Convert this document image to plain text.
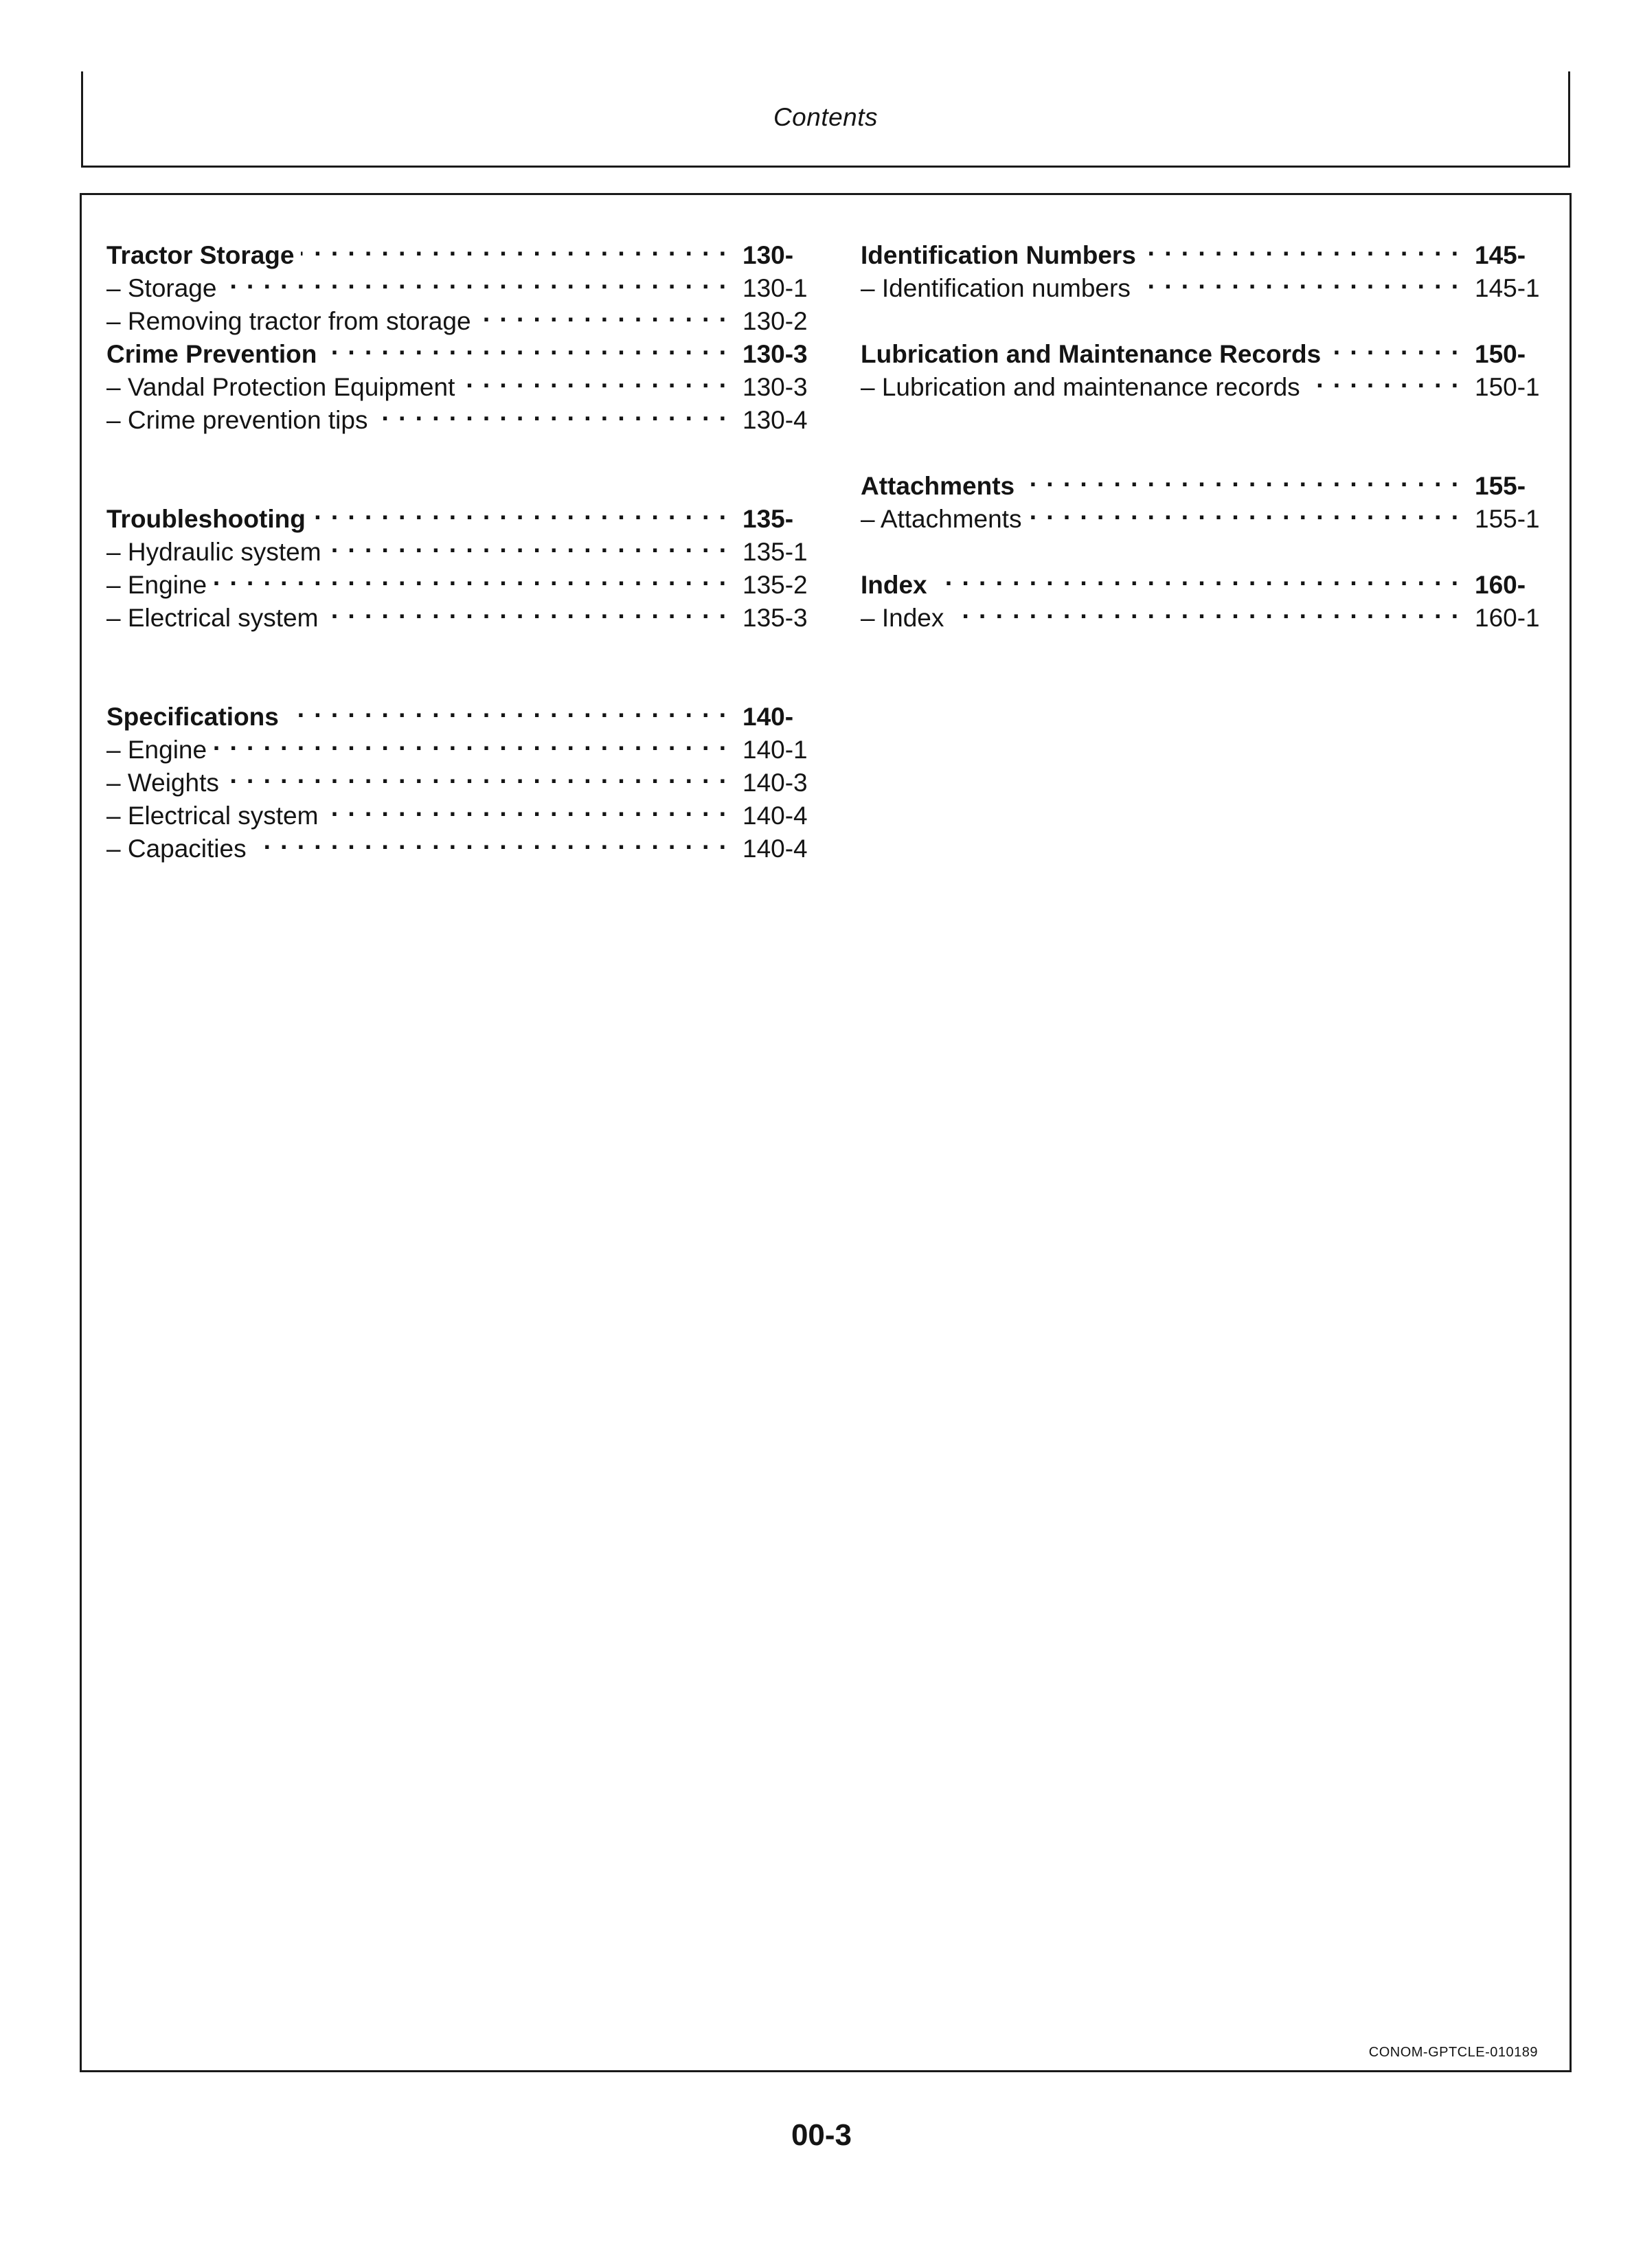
Contents
Tractor Storage . . .	130-
– Storage . . .	130-1
– Removing tractor from storage . . .	130-2
Crime Prevention . . .	130-3
– Vandal Protection Equipment . . .	130-3
– Crime prevention tips . . .	130-4
Troubleshooting . . .	135-
– Hydraulic system . . .	135-1
– Engine . . .	135-2
– Electrical system . . .	135-3
Specifications . . .	140-
– Engine . . .	140-1
– Weights . . .	140-3
– Electrical system . . .	140-4
– Capacities . . .	140-4
Identification Numbers . . .	145-
– Identification numbers . . .	145-1
Lubrication and Maintenance Records . . .	150-
– Lubrication and maintenance records . . .	150-1
Attachments . . .	155-
– Attachments . . .	155-1
Index . . .	160-
– Index . . .	160-1
CONOM-GPTCLE-010189
00-3
